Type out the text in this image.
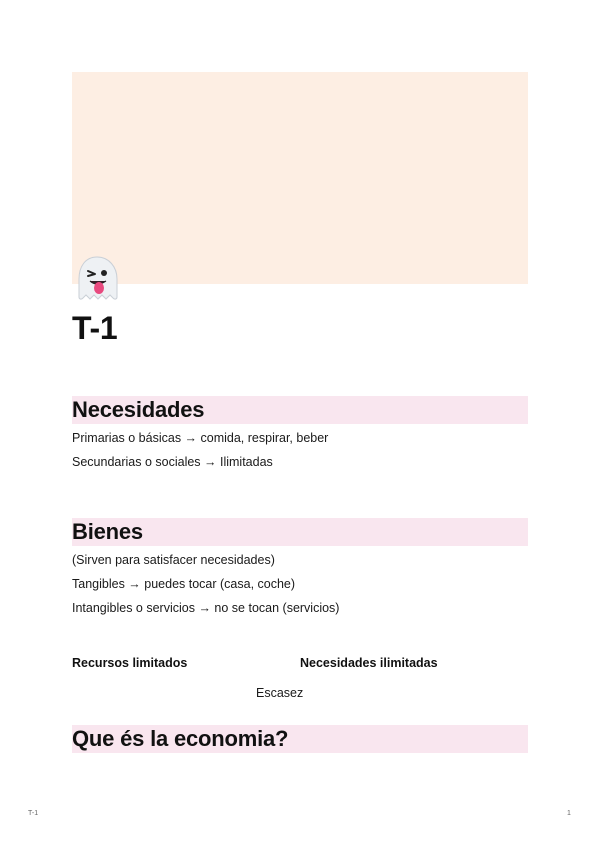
T-1
Necesidades

Primarias o básicas → comida, respirar, beber

Secundarias o sociales → Ilimitadas

Bienes

(Sirven para satisfacer necesidades)

Tangibles → puedes tocar (casa, coche)

Intangibles o servicios → no se tocan (servicios)

Recursos limitados	Necesidades ilimitadas

Escasez

Que és la economia?
T-1	1
